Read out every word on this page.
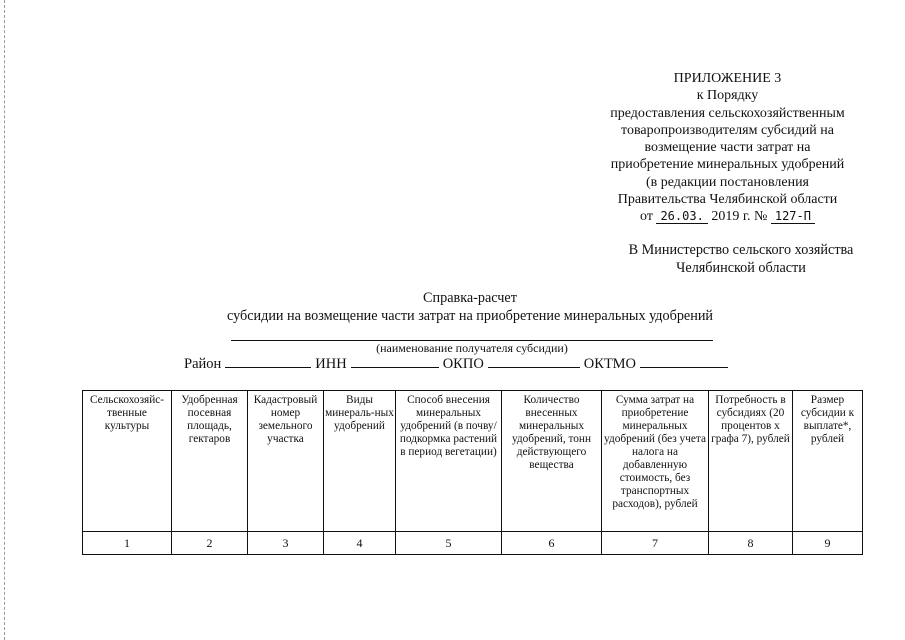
ПРИЛОЖЕНИЕ 3
к Порядку
предоставления сельскохозяйственным
товаропроизводителям субсидий на
возмещение части затрат на
приобретение минеральных удобрений
(в редакции постановления
Правительства Челябинской области
от 26.03. 2019 г. № 127-П
В Министерство сельского хозяйства
Челябинской области
Справка-расчет
субсидии на возмещение части затрат на приобретение минеральных удобрений
(наименование получателя субсидии)
Район	ИНН	ОКПО	ОКТМО
Сельскохозяйс-твенные культуры	Удобренная посевная площадь, гектаров	Кадастровый номер земельного участка	Виды минераль-ных удобрений	Способ внесения минеральных удобрений (в почву/подкормка растений в период вегетации)	Количество внесенных минеральных удобрений, тонн действующего вещества	Сумма затрат на приобретение минеральных удобрений (без учета налога на добавленную стоимость, без транспортных расходов), рублей	Потребность в субсидиях (20 процентов х графа 7), рублей	Размер субсидии к выплате*, рублей
1	2	3	4	5	6	7	8	9
